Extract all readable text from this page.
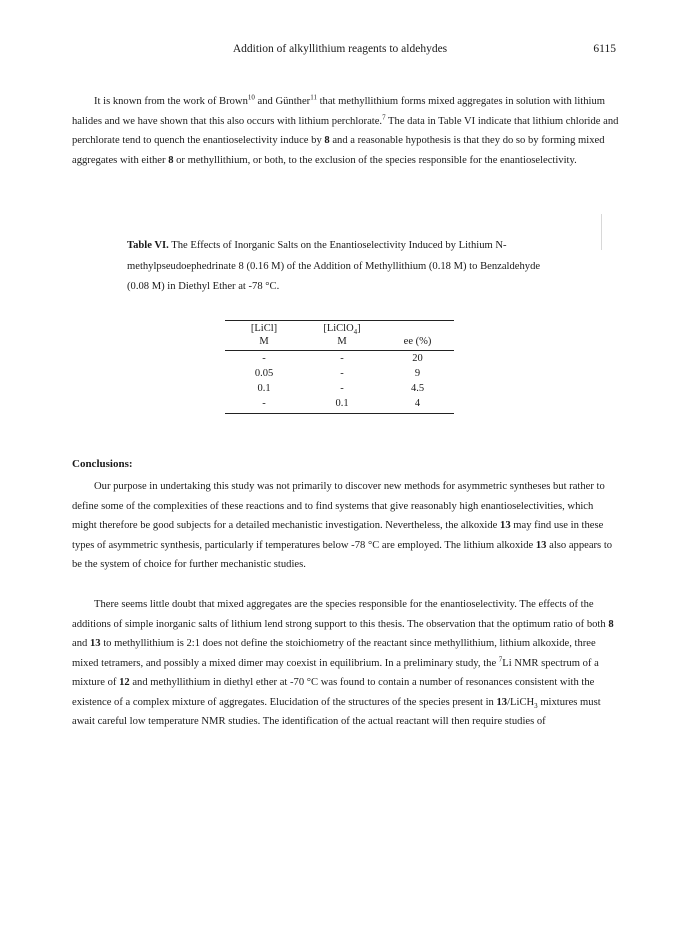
Addition of alkyllithium reagents to aldehydes	6115

It is known from the work of Brown$^{10}$ and Günther$^{11}$ that methyllithium forms mixed aggregates in solution with lithium halides and we have shown that this also occurs with lithium perchlorate.$^7$ The data in Table VI indicate that lithium chloride and perchlorate tend to quench the enantioselectivity induce by 8 and a reasonable hypothesis is that they do so by forming mixed aggregates with either 8 or methyllithium, or both, to the exclusion of the species responsible for the enantioselectivity.

Table VI. The Effects of Inorganic Salts on the Enantioselectivity Induced by Lithium N-methylpseudoephedrinate 8 (0.16 M) of the Addition of Methyllithium (0.18 M) to Benzaldehyde (0.08 M) in Diethyl Ether at -78 °C.

[LiCl]	[LiClO$_4$]
M	M	ee (%)
-	-	20
0.05	-	9
0.1	-	4.5
-	0.1	4
Conclusions:

Our purpose in undertaking this study was not primarily to discover new methods for asymmetric syntheses but rather to define some of the complexities of these reactions and to find systems that give reasonably high enantioselectivities, which might therefore be good subjects for a detailed mechanistic investigation. Nevertheless, the alkoxide 13 may find use in these types of asymmetric synthesis, particularly if temperatures below -78 °C are employed. The lithium alkoxide 13 also appears to be the system of choice for further mechanistic studies.

There seems little doubt that mixed aggregates are the species responsible for the enantioselectivity. The effects of the additions of simple inorganic salts of lithium lend strong support to this thesis. The observation that the optimum ratio of both 8 and 13 to methyllithium is 2:1 does not define the stoichiometry of the reactant since methyllithium, lithium alkoxide, three mixed tetramers, and possibly a mixed dimer may coexist in equilibrium. In a preliminary study, the $^7$Li NMR spectrum of a mixture of 12 and methyllithium in diethyl ether at -70 °C was found to contain a number of resonances consistent with the existence of a complex mixture of aggregates. Elucidation of the structures of the species present in 13/LiCH$_3$ mixtures must await careful low temperature NMR studies. The identification of the actual reactant will then require studies of
